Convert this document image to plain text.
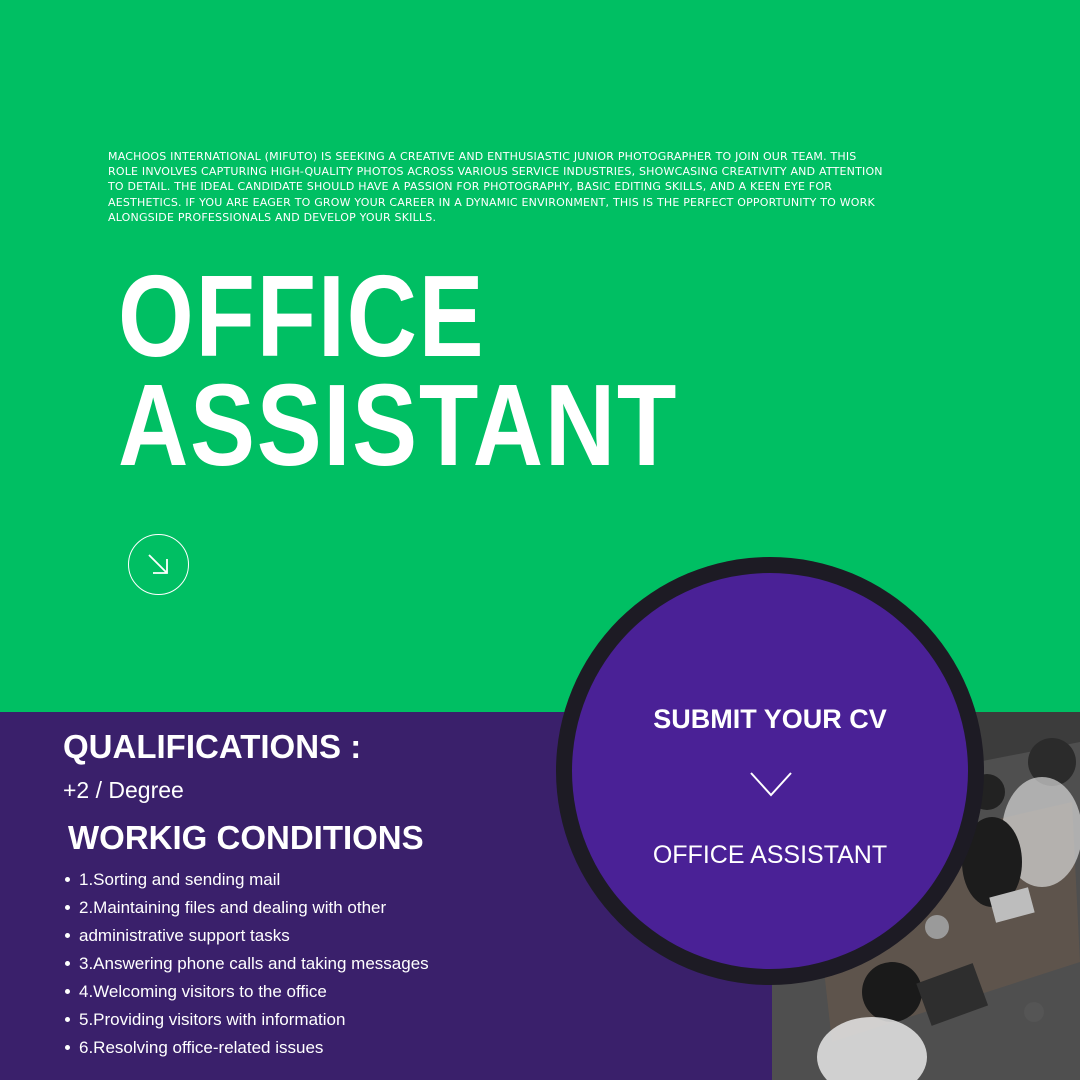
MACHOOS INTERNATIONAL (MIFUTO) IS SEEKING A CREATIVE AND ENTHUSIASTIC JUNIOR PHOTOGRAPHER TO JOIN OUR TEAM. THIS ROLE INVOLVES CAPTURING HIGH-QUALITY PHOTOS ACROSS VARIOUS SERVICE INDUSTRIES, SHOWCASING CREATIVITY AND ATTENTION TO DETAIL. THE IDEAL CANDIDATE SHOULD HAVE A PASSION FOR PHOTOGRAPHY, BASIC EDITING SKILLS, AND A KEEN EYE FOR AESTHETICS. IF YOU ARE EAGER TO GROW YOUR CAREER IN A DYNAMIC ENVIRONMENT, THIS IS THE PERFECT OPPORTUNITY TO WORK ALONGSIDE PROFESSIONALS AND DEVELOP YOUR SKILLS.

OFFICE
ASSISTANT
QUALIFICATIONS :

+2 / Degree

WORKIG CONDITIONS
1.Sorting and sending mail
2.Maintaining files and dealing with other
administrative support tasks
3.Answering phone calls and taking messages
4.Welcoming visitors to the office
5.Providing visitors with information
6.Resolving office-related issues

SUBMIT YOUR CV

OFFICE ASSISTANT
